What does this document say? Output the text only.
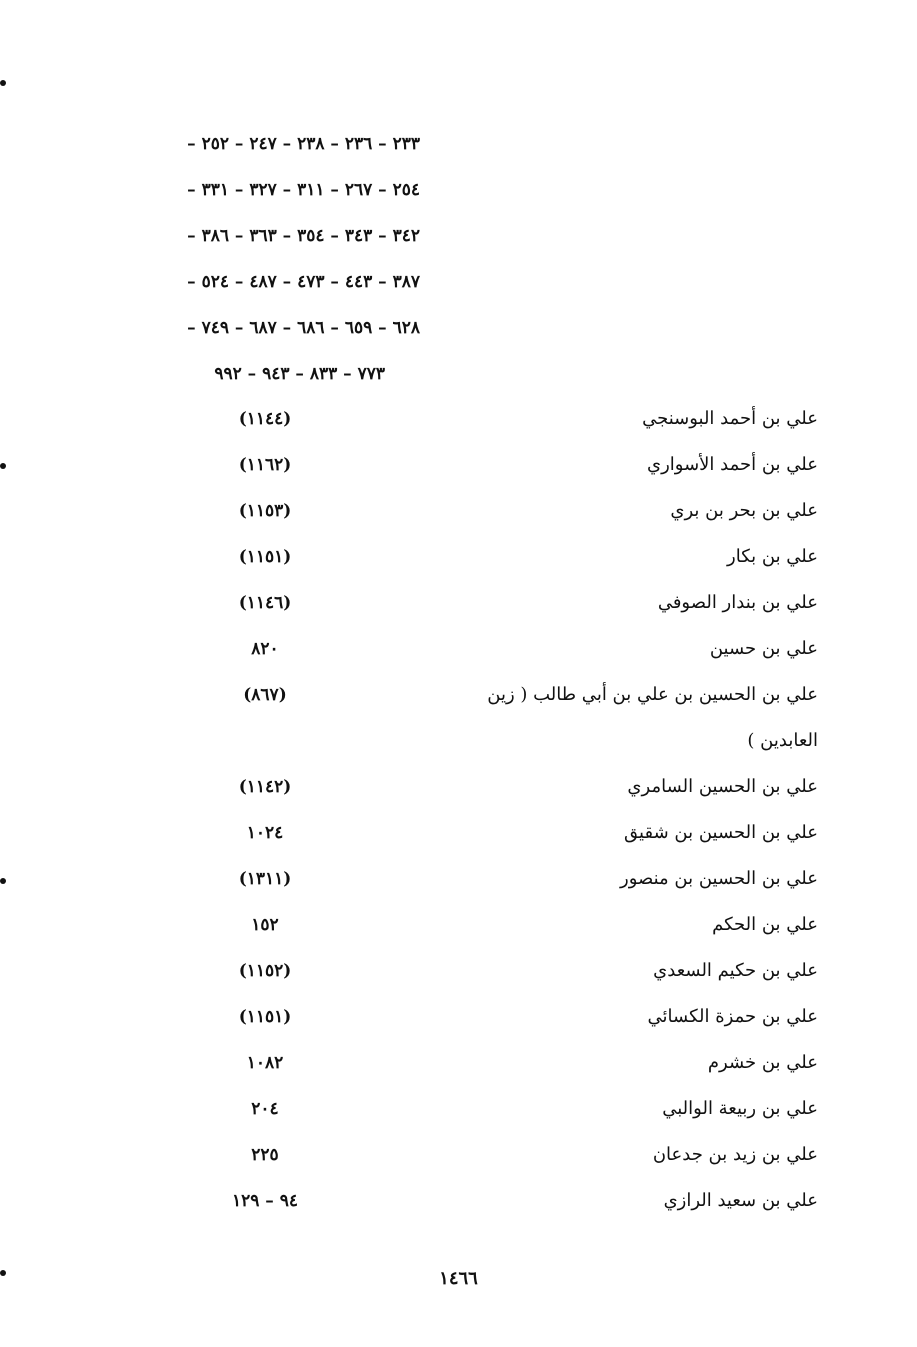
٢٣٣ – ٢٣٦ – ٢٣٨ – ٢٤٧ – ٢٥٢ –
٢٥٤ – ٢٦٧ – ٣١١ – ٣٢٧ – ٣٣١ –
٣٤٢ – ٣٤٣ – ٣٥٤ – ٣٦٣ – ٣٨٦ –
٣٨٧ – ٤٤٣ – ٤٧٣ – ٤٨٧ – ٥٢٤ –
٦٢٨ – ٦٥٩ – ٦٨٦ – ٦٨٧ – ٧٤٩ –
٧٧٣ – ٨٣٣ – ٩٤٣ – ٩٩٢
علي بن أحمد البوسنجي
(١١٤٤)
علي بن أحمد الأسواري
(١١٦٢)
علي بن بحر بن بري
(١١٥٣)
علي بن بكار
(١١٥١)
علي بن بندار الصوفي
(١١٤٦)
علي بن حسين
٨٢٠
علي بن الحسين بن علي بن أبي طالب ( زين
(٨٦٧)
العابدين )
علي بن الحسين السامري
(١١٤٢)
علي بن الحسين بن شقيق
١٠٢٤
علي بن الحسين بن منصور
(١٣١١)
علي بن الحكم
١٥٢
علي بن حكيم السعدي
(١١٥٢)
علي بن حمزة الكسائي
(١١٥١)
علي بن خشرم
١٠٨٢
علي بن ربيعة الوالبي
٢٠٤
علي بن زيد بن جدعان
٢٢٥
علي بن سعيد الرازي
٩٤ – ١٢٩
١٤٦٦
